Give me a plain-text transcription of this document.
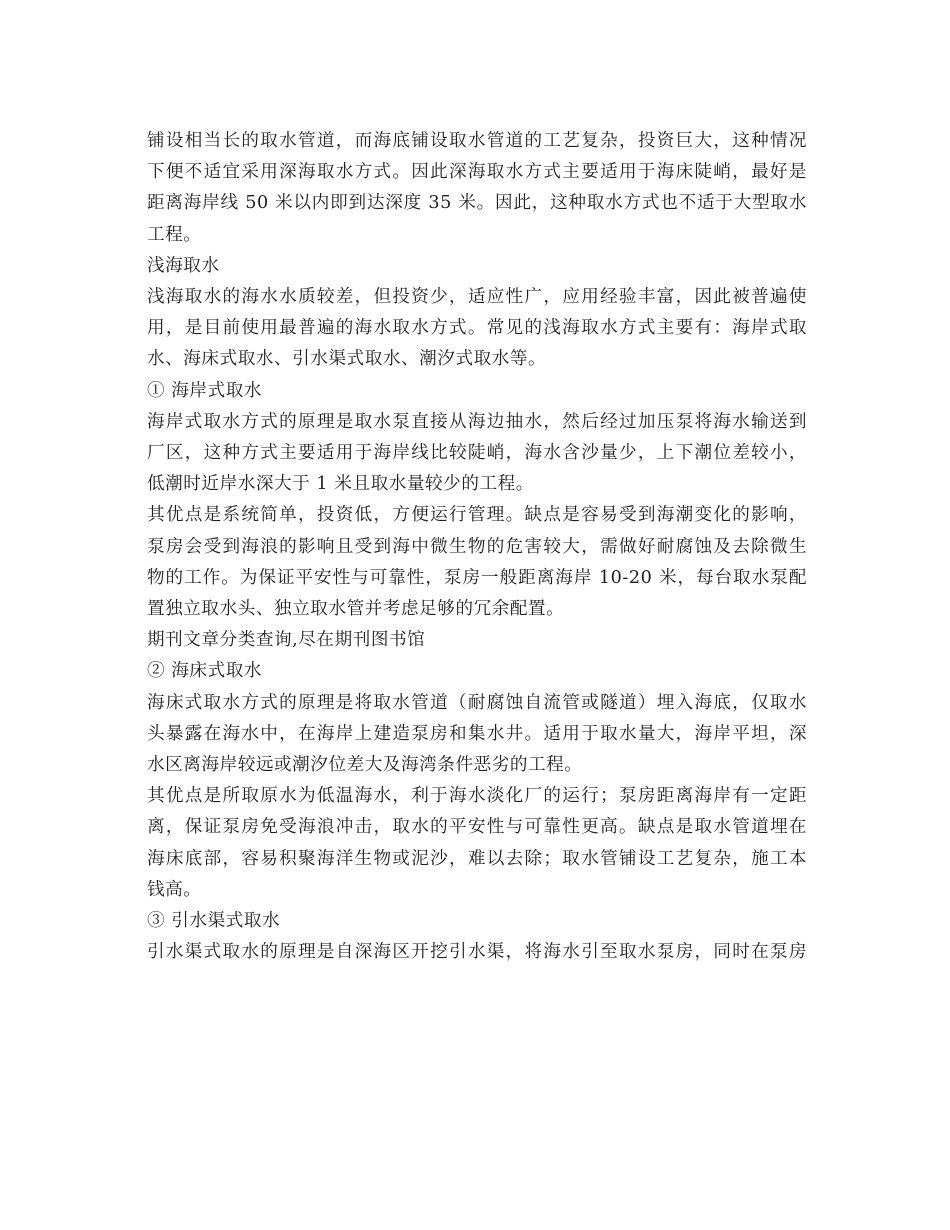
铺设相当长的取水管道，而海底铺设取水管道的工艺复杂，投资巨大，这种情况
下便不适宜采用深海取水方式。因此深海取水方式主要适用于海床陡峭，最好是
距离海岸线 50 米以内即到达深度 35 米。因此，这种取水方式也不适于大型取水
工程。

浅海取水

浅海取水的海水水质较差，但投资少，适应性广，应用经验丰富，因此被普遍使
用，是目前使用最普遍的海水取水方式。常见的浅海取水方式主要有：海岸式取
水、海床式取水、引水渠式取水、潮汐式取水等。

① 海岸式取水

海岸式取水方式的原理是取水泵直接从海边抽水，然后经过加压泵将海水输送到
厂区，这种方式主要适用于海岸线比较陡峭，海水含沙量少，上下潮位差较小，
低潮时近岸水深大于 1 米且取水量较少的工程。

其优点是系统简单，投资低，方便运行管理。缺点是容易受到海潮变化的影响，
泵房会受到海浪的影响且受到海中微生物的危害较大，需做好耐腐蚀及去除微生
物的工作。为保证平安性与可靠性，泵房一般距离海岸 10-20 米，每台取水泵配
置独立取水头、独立取水管并考虑足够的冗余配置。

期刊文章分类查询,尽在期刊图书馆

② 海床式取水

海床式取水方式的原理是将取水管道（耐腐蚀自流管或隧道）埋入海底，仅取水
头暴露在海水中，在海岸上建造泵房和集水井。适用于取水量大，海岸平坦，深
水区离海岸较远或潮汐位差大及海湾条件恶劣的工程。

其优点是所取原水为低温海水，利于海水淡化厂的运行；泵房距离海岸有一定距
离，保证泵房免受海浪冲击，取水的平安性与可靠性更高。缺点是取水管道埋在
海床底部，容易积聚海洋生物或泥沙，难以去除；取水管铺设工艺复杂，施工本
钱高。

③ 引水渠式取水

引水渠式取水的原理是自深海区开挖引水渠，将海水引至取水泵房，同时在泵房
